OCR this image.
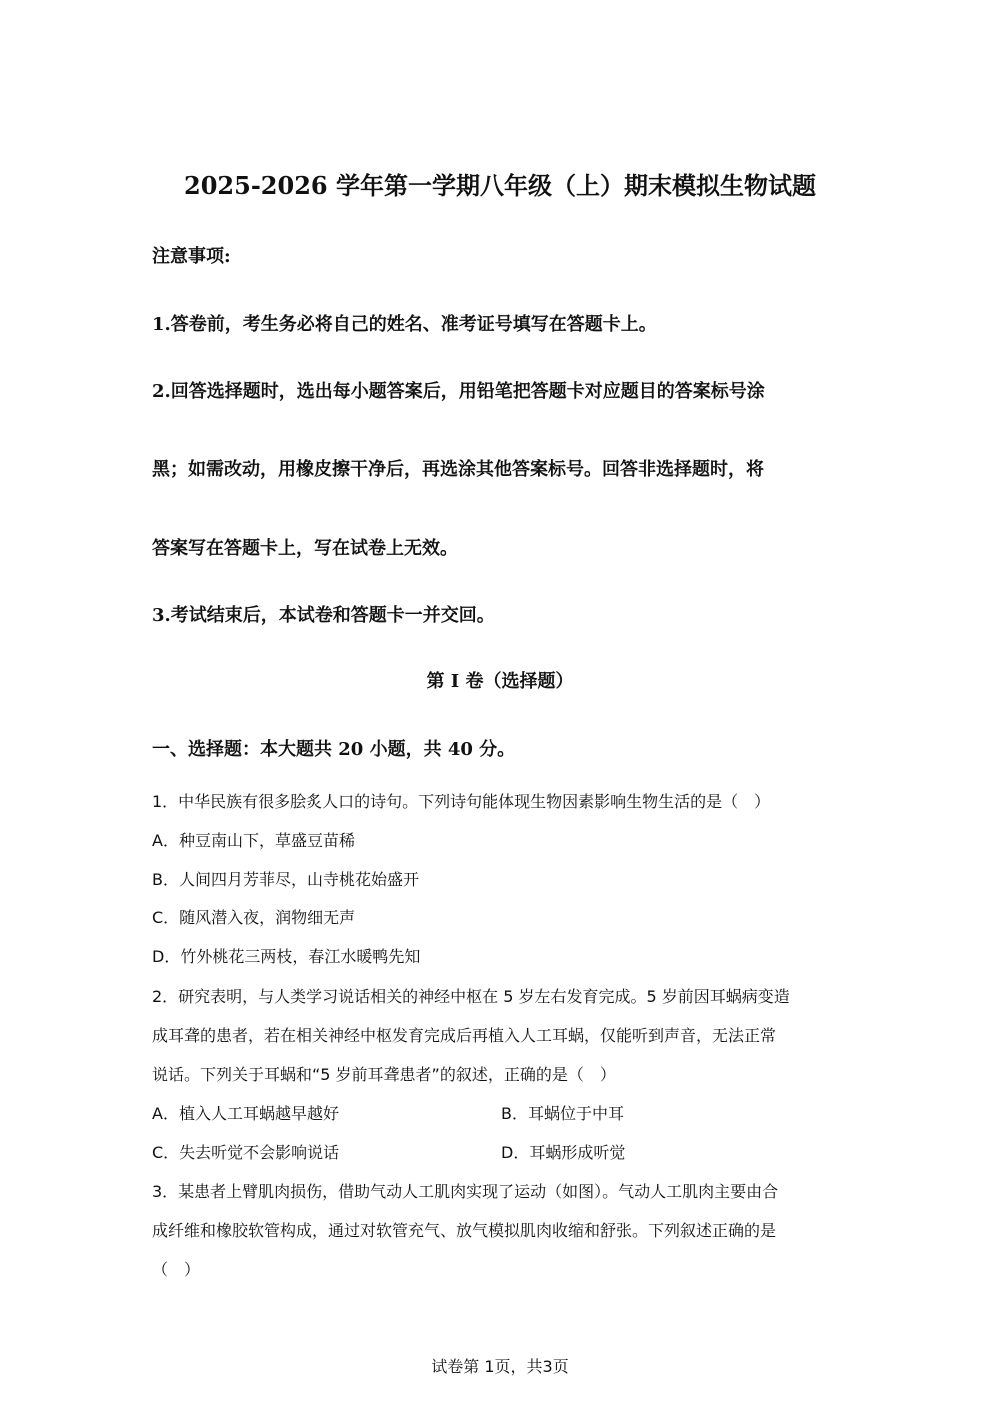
2025-2026 学年第一学期八年级（上）期末模拟生物试题

注意事项:

1.答卷前，考生务必将自己的姓名、准考证号填写在答题卡上。

2.回答选择题时，选出每小题答案后，用铅笔把答题卡对应题目的答案标号涂

黑；如需改动，用橡皮擦干净后，再选涂其他答案标号。回答非选择题时，将

答案写在答题卡上，写在试卷上无效。

3.考试结束后，本试卷和答题卡一并交回。

第 I 卷（选择题）

一、选择题：本大题共 20 小题，共 40 分。

1．中华民族有很多脍炙人口的诗句。下列诗句能体现生物因素影响生物生活的是（　）

A．种豆南山下，草盛豆苗稀

B．人间四月芳菲尽，山寺桃花始盛开

C．随风潜入夜，润物细无声

D．竹外桃花三两枝，春江水暖鸭先知

2．研究表明，与人类学习说话相关的神经中枢在 5 岁左右发育完成。5 岁前因耳蜗病变造

成耳聋的患者，若在相关神经中枢发育完成后再植入人工耳蜗，仅能听到声音，无法正常

说话。下列关于耳蜗和“5 岁前耳聋患者”的叙述，正确的是（　）

A．植入人工耳蜗越早越好	B．耳蜗位于中耳

C．失去听觉不会影响说话	D．耳蜗形成听觉

3．某患者上臂肌肉损伤，借助气动人工肌肉实现了运动（如图）。气动人工肌肉主要由合

成纤维和橡胶软管构成，通过对软管充气、放气模拟肌肉收缩和舒张。下列叙述正确的是

（　）

试卷第 1页，共3页
